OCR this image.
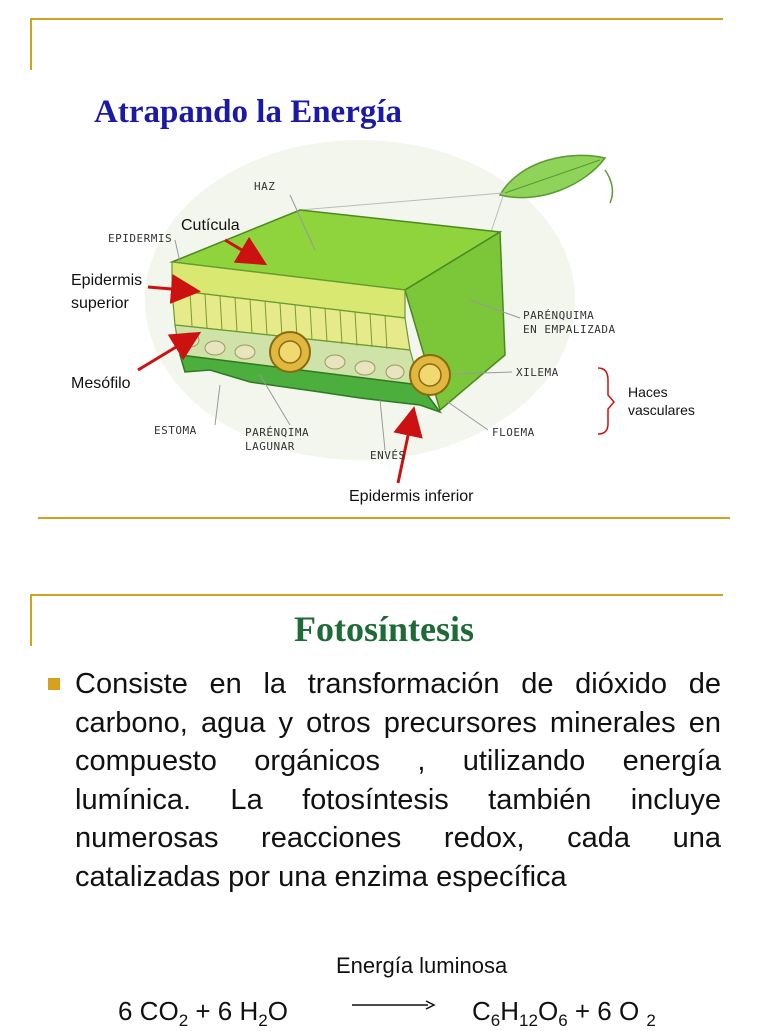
Atrapando la Energía
HAZ
EPIDERMIS
PARÉNQUIMA
EN EMPALIZADA
XILEMA
ESTOMA	PARÉNQIMA
LAGUNAR
ENVÉS
FLOEMA
Cutícula
Epidermis
superior
Mesófilo	Haces
vasculares
Epidermis inferior
Fotosíntesis
Consiste en la transformación de dióxido de carbono, agua y otros precursores minerales en compuesto orgánicos , utilizando energía lumínica. La fotosíntesis también incluye numerosas reacciones redox, cada una catalizadas por una enzima específica
Energía luminosa
6 $CO_2 + 6$ $H_2O$	$C_6H_{12}O_6 + 6$ O $_2$
